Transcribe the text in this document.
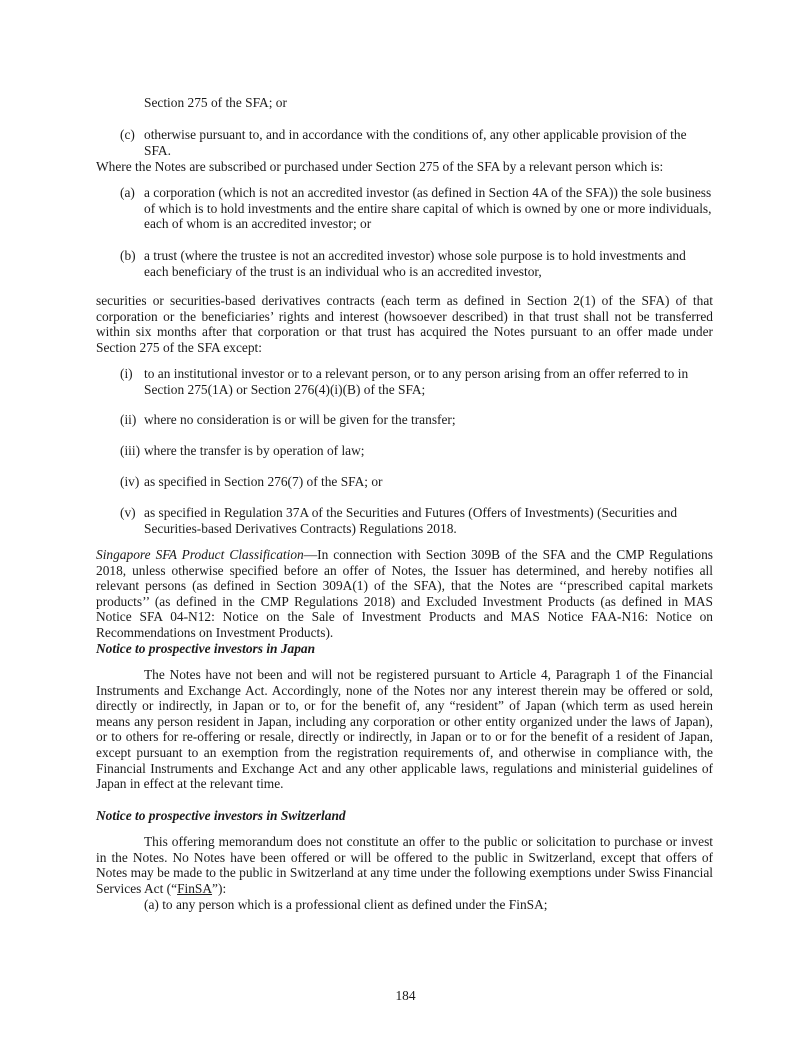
Section 275 of the SFA; or

(c) otherwise pursuant to, and in accordance with the conditions of, any other applicable provision of the SFA.

Where the Notes are subscribed or purchased under Section 275 of the SFA by a relevant person which is:

(a) a corporation (which is not an accredited investor (as defined in Section 4A of the SFA)) the sole business of which is to hold investments and the entire share capital of which is owned by one or more individuals, each of whom is an accredited investor; or

(b) a trust (where the trustee is not an accredited investor) whose sole purpose is to hold investments and each beneficiary of the trust is an individual who is an accredited investor,

securities or securities-based derivatives contracts (each term as defined in Section 2(1) of the SFA) of that corporation or the beneficiaries’ rights and interest (howsoever described) in that trust shall not be transferred within six months after that corporation or that trust has acquired the Notes pursuant to an offer made under Section 275 of the SFA except:

(i) to an institutional investor or to a relevant person, or to any person arising from an offer referred to in Section 275(1A) or Section 276(4)(i)(B) of the SFA;

(ii) where no consideration is or will be given for the transfer;

(iii) where the transfer is by operation of law;

(iv) as specified in Section 276(7) of the SFA; or

(v) as specified in Regulation 37A of the Securities and Futures (Offers of Investments) (Securities and Securities-based Derivatives Contracts) Regulations 2018.

Singapore SFA Product Classification—In connection with Section 309B of the SFA and the CMP Regulations 2018, unless otherwise specified before an offer of Notes, the Issuer has determined, and hereby notifies all relevant persons (as defined in Section 309A(1) of the SFA), that the Notes are ‘‘prescribed capital markets products’’ (as defined in the CMP Regulations 2018) and Excluded Investment Products (as defined in MAS Notice SFA 04-N12: Notice on the Sale of Investment Products and MAS Notice FAA-N16: Notice on Recommendations on Investment Products).

Notice to prospective investors in Japan

The Notes have not been and will not be registered pursuant to Article 4, Paragraph 1 of the Financial Instruments and Exchange Act. Accordingly, none of the Notes nor any interest therein may be offered or sold, directly or indirectly, in Japan or to, or for the benefit of, any “resident” of Japan (which term as used herein means any person resident in Japan, including any corporation or other entity organized under the laws of Japan), or to others for re-offering or resale, directly or indirectly, in Japan or to or for the benefit of a resident of Japan, except pursuant to an exemption from the registration requirements of, and otherwise in compliance with, the Financial Instruments and Exchange Act and any other applicable laws, regulations and ministerial guidelines of Japan in effect at the relevant time.

Notice to prospective investors in Switzerland

This offering memorandum does not constitute an offer to the public or solicitation to purchase or invest in the Notes. No Notes have been offered or will be offered to the public in Switzerland, except that offers of Notes may be made to the public in Switzerland at any time under the following exemptions under Swiss Financial Services Act (“FinSA”):

(a) to any person which is a professional client as defined under the FinSA;

184
